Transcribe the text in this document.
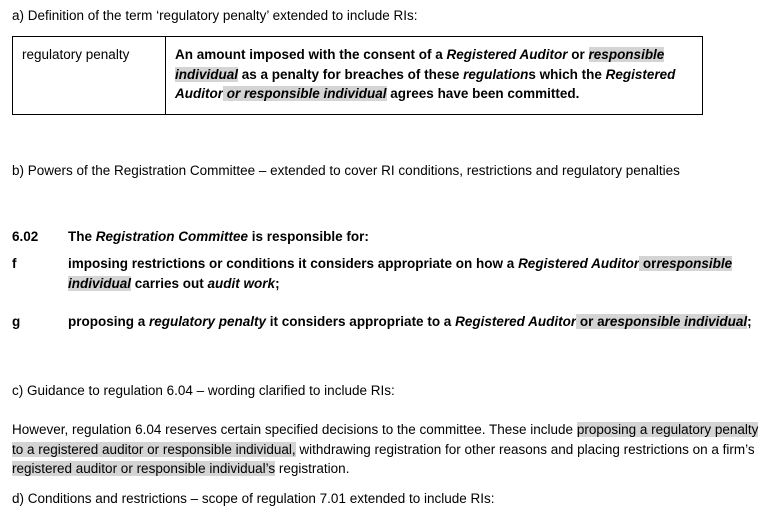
a) Definition of the term ‘regulatory penalty’ extended to include RIs:

regulatory penalty	An amount imposed with the consent of a Registered Auditor or responsible individual as a penalty for breaches of these regulations which the Registered Auditor or responsible individual agrees have been committed.

b) Powers of the Registration Committee – extended to cover RI conditions, restrictions and regulatory penalties

6.02 The Registration Committee is responsible for:

f	imposing restrictions or conditions it considers appropriate on how a Registered Auditor orresponsible individual carries out audit work;
g	proposing a regulatory penalty it considers appropriate to a Registered Auditor or aresponsible individual;

c) Guidance to regulation 6.04 – wording clarified to include RIs:

However, regulation 6.04 reserves certain specified decisions to the committee. These include proposing a regulatory penalty to a registered auditor or responsible individual, withdrawing registration for other reasons and placing restrictions on a firm’s registered auditor or responsible individual’s registration.

d) Conditions and restrictions – scope of regulation 7.01 extended to include RIs:
